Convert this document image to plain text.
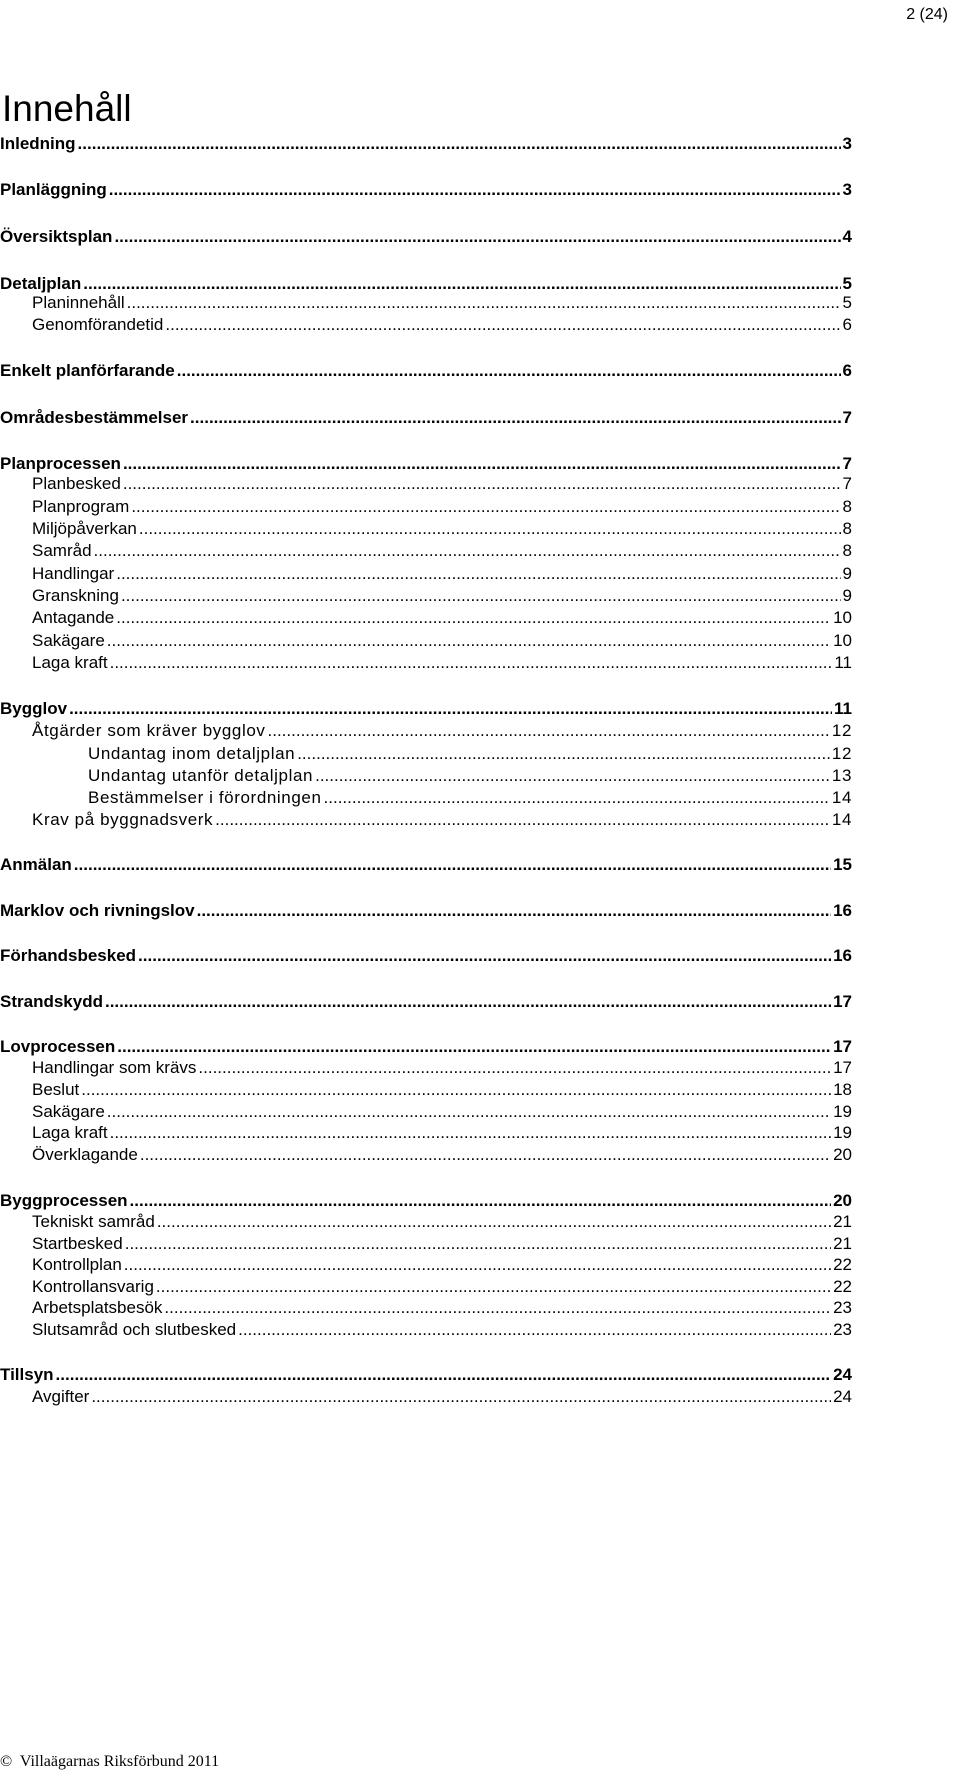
2 (24)
Innehåll
Inledning .....	3
Planläggning .....	3
Översiktsplan .....	4
Detaljplan .....	5
Planinnehåll .....	5
Genomförandetid .....	6
Enkelt planförfarande .....	6
Områdesbestämmelser .....	7
Planprocessen .....	7
Planbesked .....	7
Planprogram .....	8
Miljöpåverkan .....	8
Samråd .....	8
Handlingar .....	9
Granskning .....	9
Antagande .....	10
Sakägare .....	10
Laga kraft .....	11
Bygglov .....	11
Åtgärder som kräver bygglov .....	12
Undantag inom detaljplan .....	12
Undantag utanför detaljplan .....	13
Bestämmelser i förordningen .....	14
Krav på byggnadsverk .....	14
Anmälan .....	15
Marklov och rivningslov .....	16
Förhandsbesked .....	16
Strandskydd .....	17
Lovprocessen .....	17
Handlingar som krävs .....	17
Beslut .....	18
Sakägare .....	19
Laga kraft .....	19
Överklagande .....	20
Byggprocessen .....	20
Tekniskt samråd .....	21
Startbesked .....	21
Kontrollplan .....	22
Kontrollansvarig .....	22
Arbetsplatsbesök .....	23
Slutsamråd och slutbesked .....	23
Tillsyn .....	24
Avgifter .....	24
© Villaägarnas Riksförbund 2011
